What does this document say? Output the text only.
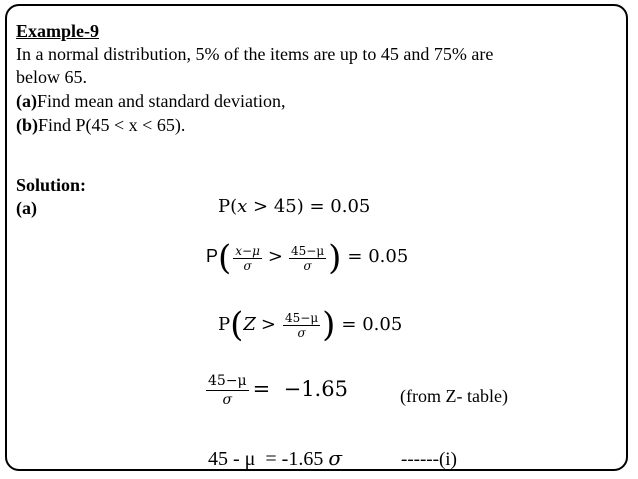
Example-9
In a normal distribution, 5% of the items are up to 45 and 75% are
below 65.
(a)Find mean and standard deviation,
(b)Find P(45 < x < 65).
Solution:
(a)	P(x > 45) = 0.05
$P( \frac{x-\mu}{\sigma} > \frac{45-\mu}{\sigma}$ ) = 0.05
$P(Z > \frac{45-\mu}{\sigma}$ ) = 0.05
$\frac{45-\mu}{\sigma} = -1.65$	(from Z- table)
45 - μ  = -1.65 σ	------(i)
